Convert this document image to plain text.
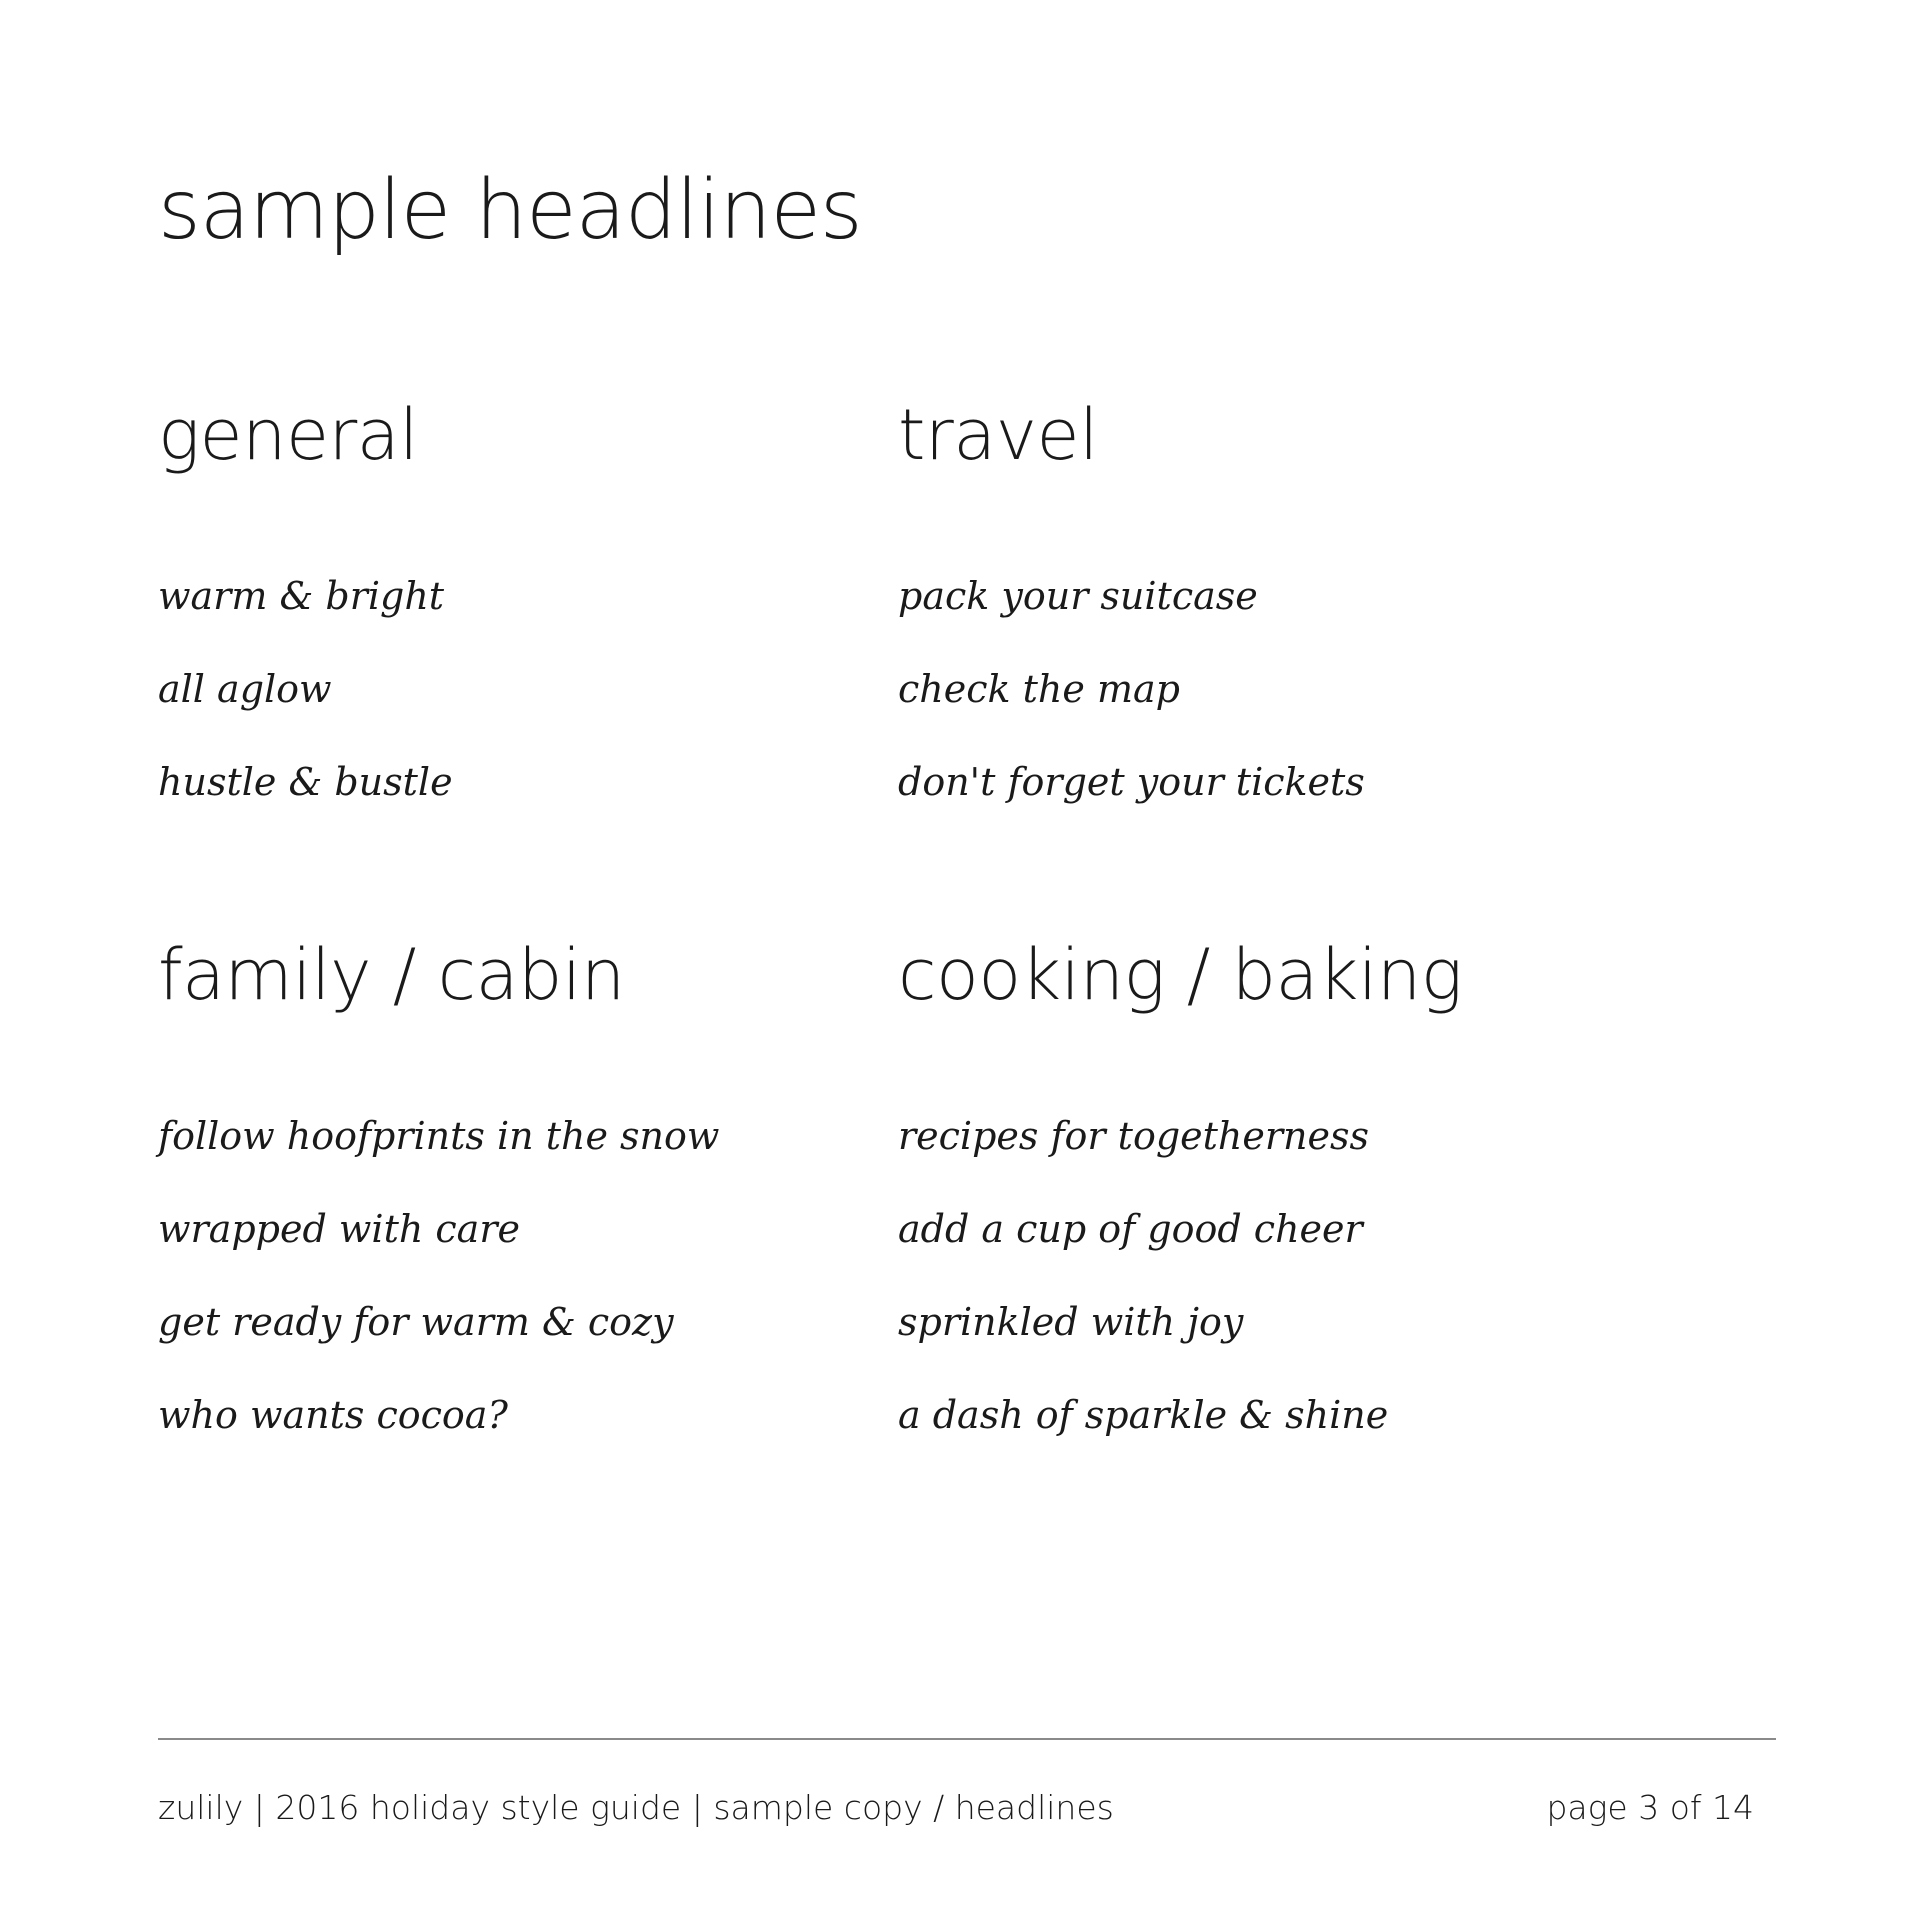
sample headlines
general
warm & bright
all aglow
hustle & bustle
travel
pack your suitcase
check the map
don't forget your tickets
family / cabin
follow hoofprints in the snow
wrapped with care
get ready for warm & cozy
who wants cocoa?
cooking / baking
recipes for togetherness
add a cup of good cheer
sprinkled with joy
a dash of sparkle & shine
zulily | 2016 holiday style guide | sample copy / headlines	page 3 of 14
